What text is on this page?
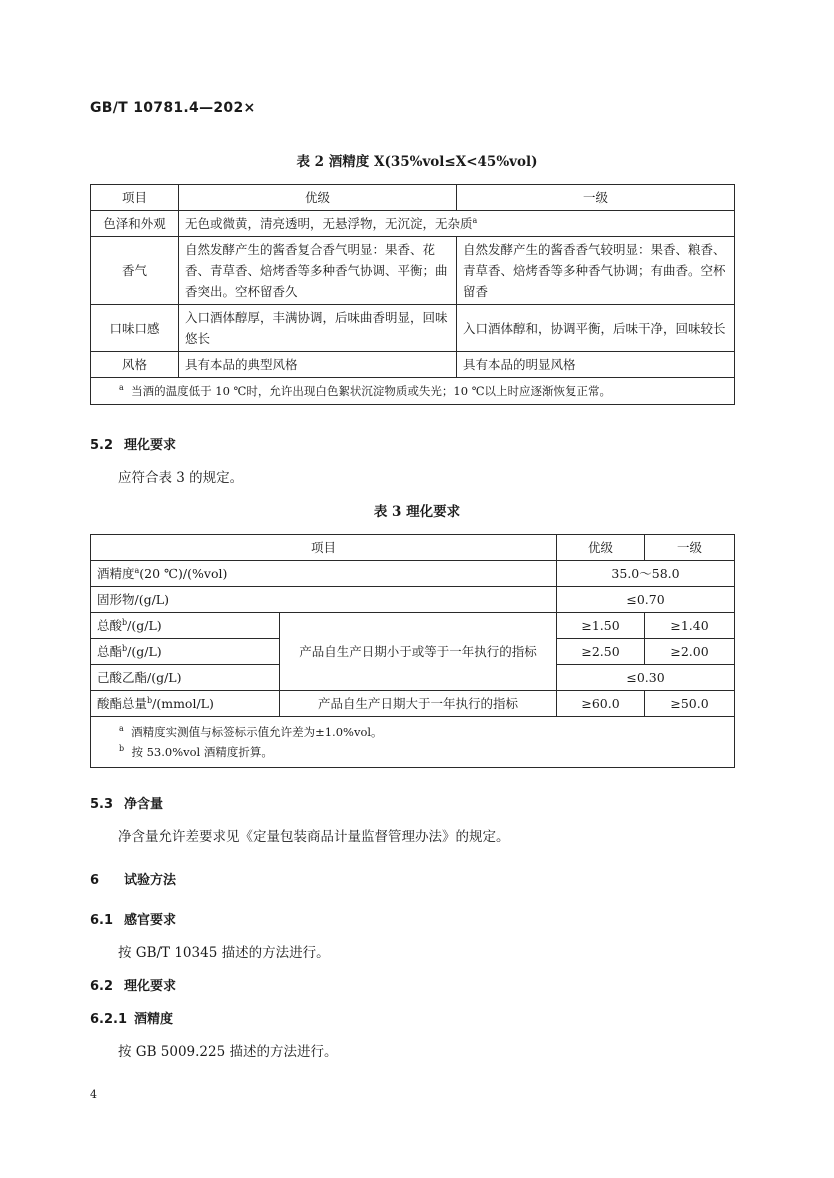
GB/T 10781.4—202×
表 2 酒精度 X(35%vol≤X<45%vol)
项目	优级	一级
色泽和外观	无色或微黄，清亮透明，无悬浮物，无沉淀，无杂质$^a$
香气	自然发酵产生的酱香复合香气明显：果香、花香、青草香、焙烤香等多种香气协调、平衡；曲香突出。空杯留香久	自然发酵产生的酱香香气较明显：果香、粮香、青草香、焙烤香等多种香气协调；有曲香。空杯留香
口味口感	入口酒体醇厚，丰满协调，后味曲香明显，回味悠长	入口酒体醇和，协调平衡，后味干净，回味较长
风格	具有本品的典型风格	具有本品的明显风格
$^a$ 当酒的温度低于 10 ℃时，允许出现白色絮状沉淀物质或失光；10 ℃以上时应逐渐恢复正常。		
5.2 理化要求
应符合表 3 的规定。
表 3 理化要求
项目		优级	一级
酒精度$^a$(20 ℃)/(%vol)		35.0～58.0	
固形物/(g/L)		≤0.70	
总酸$^b$/(g/L)	产品自生产日期小于或等于一年执行的指标	≥1.50	≥1.40
总酯$^b$/(g/L)		≥2.50	≥2.00
己酸乙酯/(g/L)		≤0.30	
酸酯总量$^b$/(mmol/L)	产品自生产日期大于一年执行的指标	≥60.0	≥50.0

$^a$ 酒精度实测值与标签标示值允许差为±1.0%vol。
$^b$ 按 53.0%vol 酒精度折算。			
5.3 净含量
净含量允许差要求见《定量包装商品计量监督管理办法》的规定。
6 试验方法
6.1 感官要求
按 GB/T 10345 描述的方法进行。
6.2 理化要求
6.2.1 酒精度
按 GB 5009.225 描述的方法进行。
4
